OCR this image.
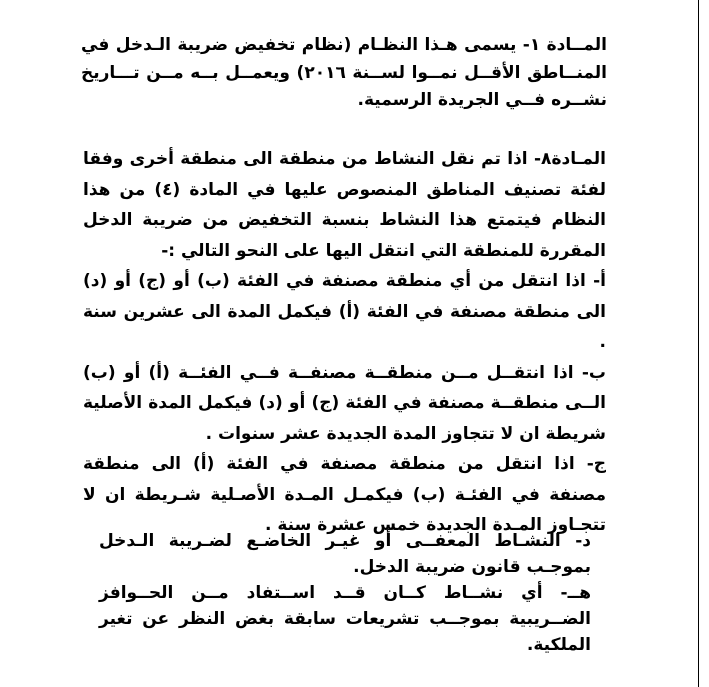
المــادة ١- يسمى هـذا النظـام (نظام تخفيض ضريبة الـدخل في المنــاطق الأقــل نمــوا لســنة ٢٠١٦) ويعمــل بــه مــن تـــاريخ نشــره فــي الجريدة الرسمية.

المـادة٨- اذا تم نقل النشاط من منطقة الى منطقة أخرى وفقا لفئة تصنيف المناطق المنصوص عليها في المادة (٤) من هذا النظام فيتمتع هذا النشاط بنسبة التخفيض من ضريبة الدخل المقررة للمنطقة التي انتقل اليها على النحو التالي :-

أ- اذا انتقل من أي منطقة مصنفة في الفئة (ب) أو (ج) أو (د) الى منطقة مصنفة في الفئة (أ) فيكمل المدة الى عشرين سنة .

ب- اذا انتقــل مــن منطقــة مصنفــة فــي الفئــة (أ) أو (ب) الــى منطقــة مصنفة في الفئة (ج) أو (د) فيكمل المدة الأصلية شريطة ان لا تتجاوز المدة الجديدة عشر سنوات .

ج- اذا انتقل من منطقة مصنفة في الفئة (أ) الى منطقة مصنفة في الفئـة (ب) فيكمـل المـدة الأصـلية شـريطة ان لا تتجـاوز المـدة الجديدة خمس عشرة سنة .

د- النشـاط المعفــى أو غيـر الخاضـع لضـريبة الـدخل بموجـب قانون ضريبة الدخل.

هــ- أي نشــاط كــان قــد اســتفاد مــن الحــوافز الضــريبية بموجــب تشريعات سابقة بغض النظر عن تغير الملكية.
